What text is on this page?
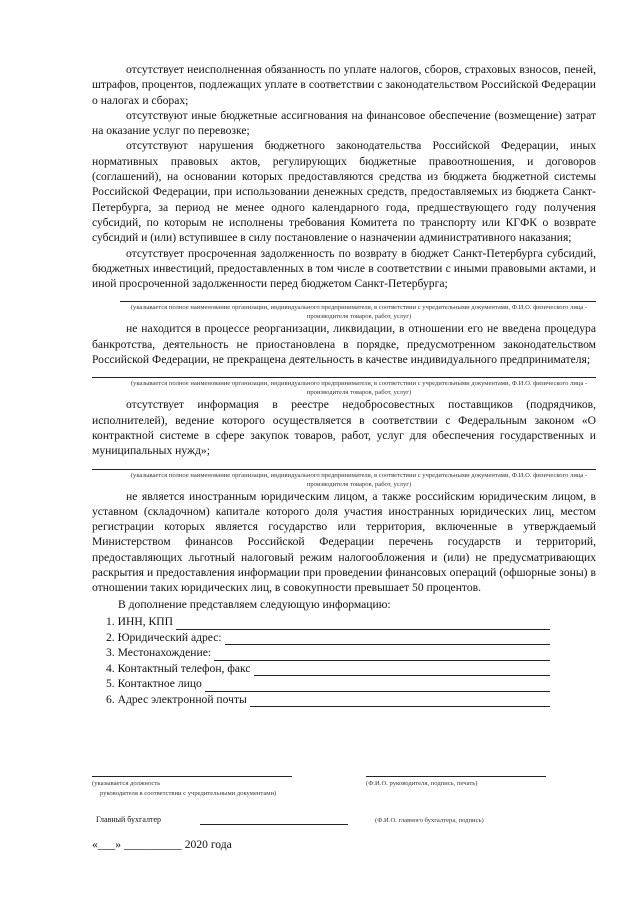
отсутствует неисполненная обязанность по уплате налогов, сборов, страховых взносов, пеней, штрафов, процентов, подлежащих уплате в соответствии с законодательством Российской Федерации о налогах и сборах;

отсутствуют иные бюджетные ассигнования на финансовое обеспечение (возмещение) затрат на оказание услуг по перевозке;

отсутствуют нарушения бюджетного законодательства Российской Федерации, иных нормативных правовых актов, регулирующих бюджетные правоотношения, и договоров (соглашений), на основании которых предоставляются средства из бюджета бюджетной системы Российской Федерации, при использовании денежных средств, предоставляемых из бюджета Санкт-Петербурга, за период не менее одного календарного года, предшествующего году получения субсидий, по которым не исполнены требования Комитета по транспорту или КГФК о возврате субсидий и (или) вступившее в силу постановление о назначении административного наказания;

отсутствует просроченная задолженность по возврату в бюджет Санкт-Петербурга субсидий, бюджетных инвестиций, предоставленных в том числе в соответствии с иными правовыми актами, и иной просроченной задолженности перед бюджетом Санкт-Петербурга;

(указывается полное наименование организации, индивидуального предпринимателя, в соответствии с учредительными документами, Ф.И.О. физического лица - производителя товаров, работ, услуг)

не находится в процессе реорганизации, ликвидации, в отношении его не введена процедура банкротства, деятельность не приостановлена в порядке, предусмотренном законодательством Российской Федерации, не прекращена деятельность в качестве индивидуального предпринимателя;

(указывается полное наименование организации, индивидуального предпринимателя, в соответствии с учредительными документами, Ф.И.О. физического лица - производителя товаров, работ, услуг)

отсутствует информация в реестре недобросовестных поставщиков (подрядчиков, исполнителей), ведение которого осуществляется в соответствии с Федеральным законом «О контрактной системе в сфере закупок товаров, работ, услуг для обеспечения государственных и муниципальных нужд»;

(указывается полное наименование организации, индивидуального предпринимателя, в соответствии с учредительными документами, Ф.И.О. физического лица - производителя товаров, работ, услуг)

не является иностранным юридическим лицом, а также российским юридическим лицом, в уставном (складочном) капитале которого доля участия иностранных юридических лиц, местом регистрации которых является государство или территория, включенные в утверждаемый Министерством финансов Российской Федерации перечень государств и территорий, предоставляющих льготный налоговый режим налогообложения и (или) не предусматривающих раскрытия и предоставления информации при проведении финансовых операций (офшорные зоны) в отношении таких юридических лиц, в совокупности превышает 50 процентов.

В дополнение представляем следующую информацию:

1. ИНН, КПП
2. Юридический адрес:
3. Местонахождение:
4. Контактный телефон, факс
5. Контактное лицо
6. Адрес электронной почты
(указывается должность
руководителя в соответствии с учредительными документами)
(Ф.И.О. руководителя, подпись, печать)
Главный бухгалтер	(Ф.И.О. главного бухгалтера, подпись)
«___» __________ 2020 года
